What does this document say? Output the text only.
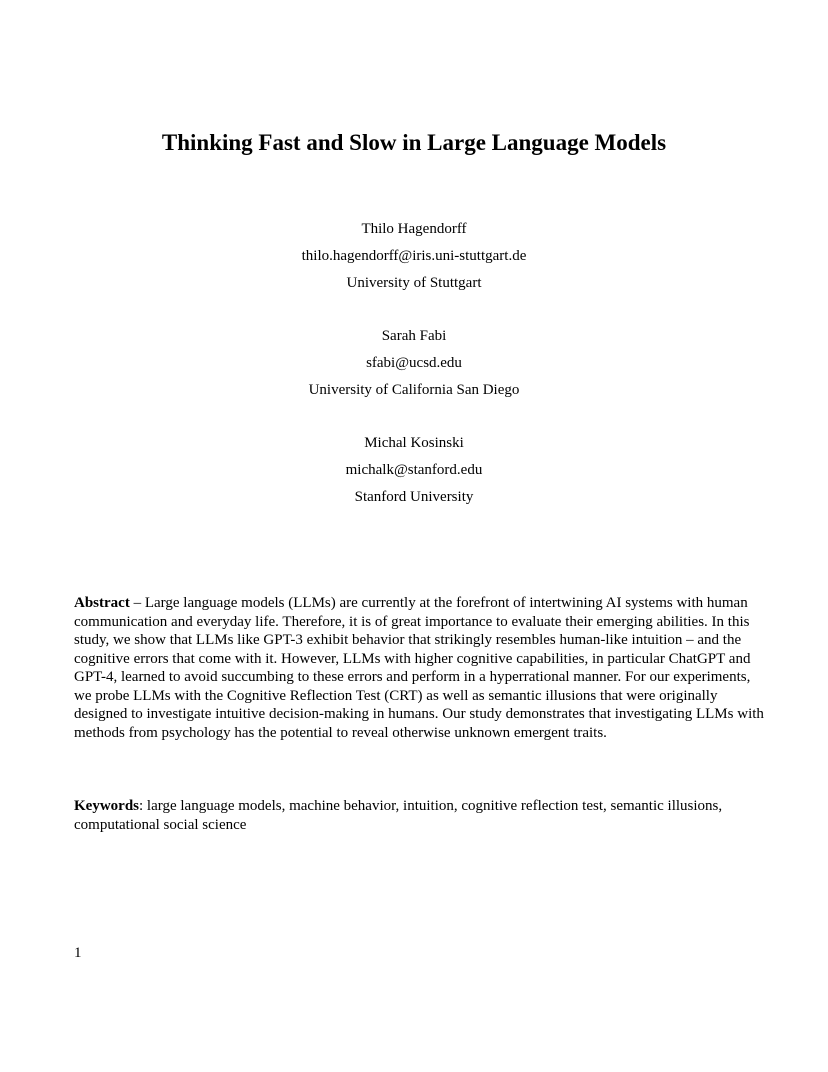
Thinking Fast and Slow in Large Language Models
Thilo Hagendorff
thilo.hagendorff@iris.uni-stuttgart.de
University of Stuttgart
Sarah Fabi
sfabi@ucsd.edu
University of California San Diego
Michal Kosinski
michalk@stanford.edu
Stanford University

Abstract – Large language models (LLMs) are currently at the forefront of intertwining AI systems with human communication and everyday life. Therefore, it is of great importance to evaluate their emerging abilities. In this study, we show that LLMs like GPT-3 exhibit behavior that strikingly resembles human-like intuition – and the cognitive errors that come with it. However, LLMs with higher cognitive capabilities, in particular ChatGPT and GPT-4, learned to avoid succumbing to these errors and perform in a hyperrational manner. For our experiments, we probe LLMs with the Cognitive Reflection Test (CRT) as well as semantic illusions that were originally designed to investigate intuitive decision-making in humans. Our study demonstrates that investigating LLMs with methods from psychology has the potential to reveal otherwise unknown emergent traits.

Keywords: large language models, machine behavior, intuition, cognitive reflection test, semantic illusions, computational social science

1
